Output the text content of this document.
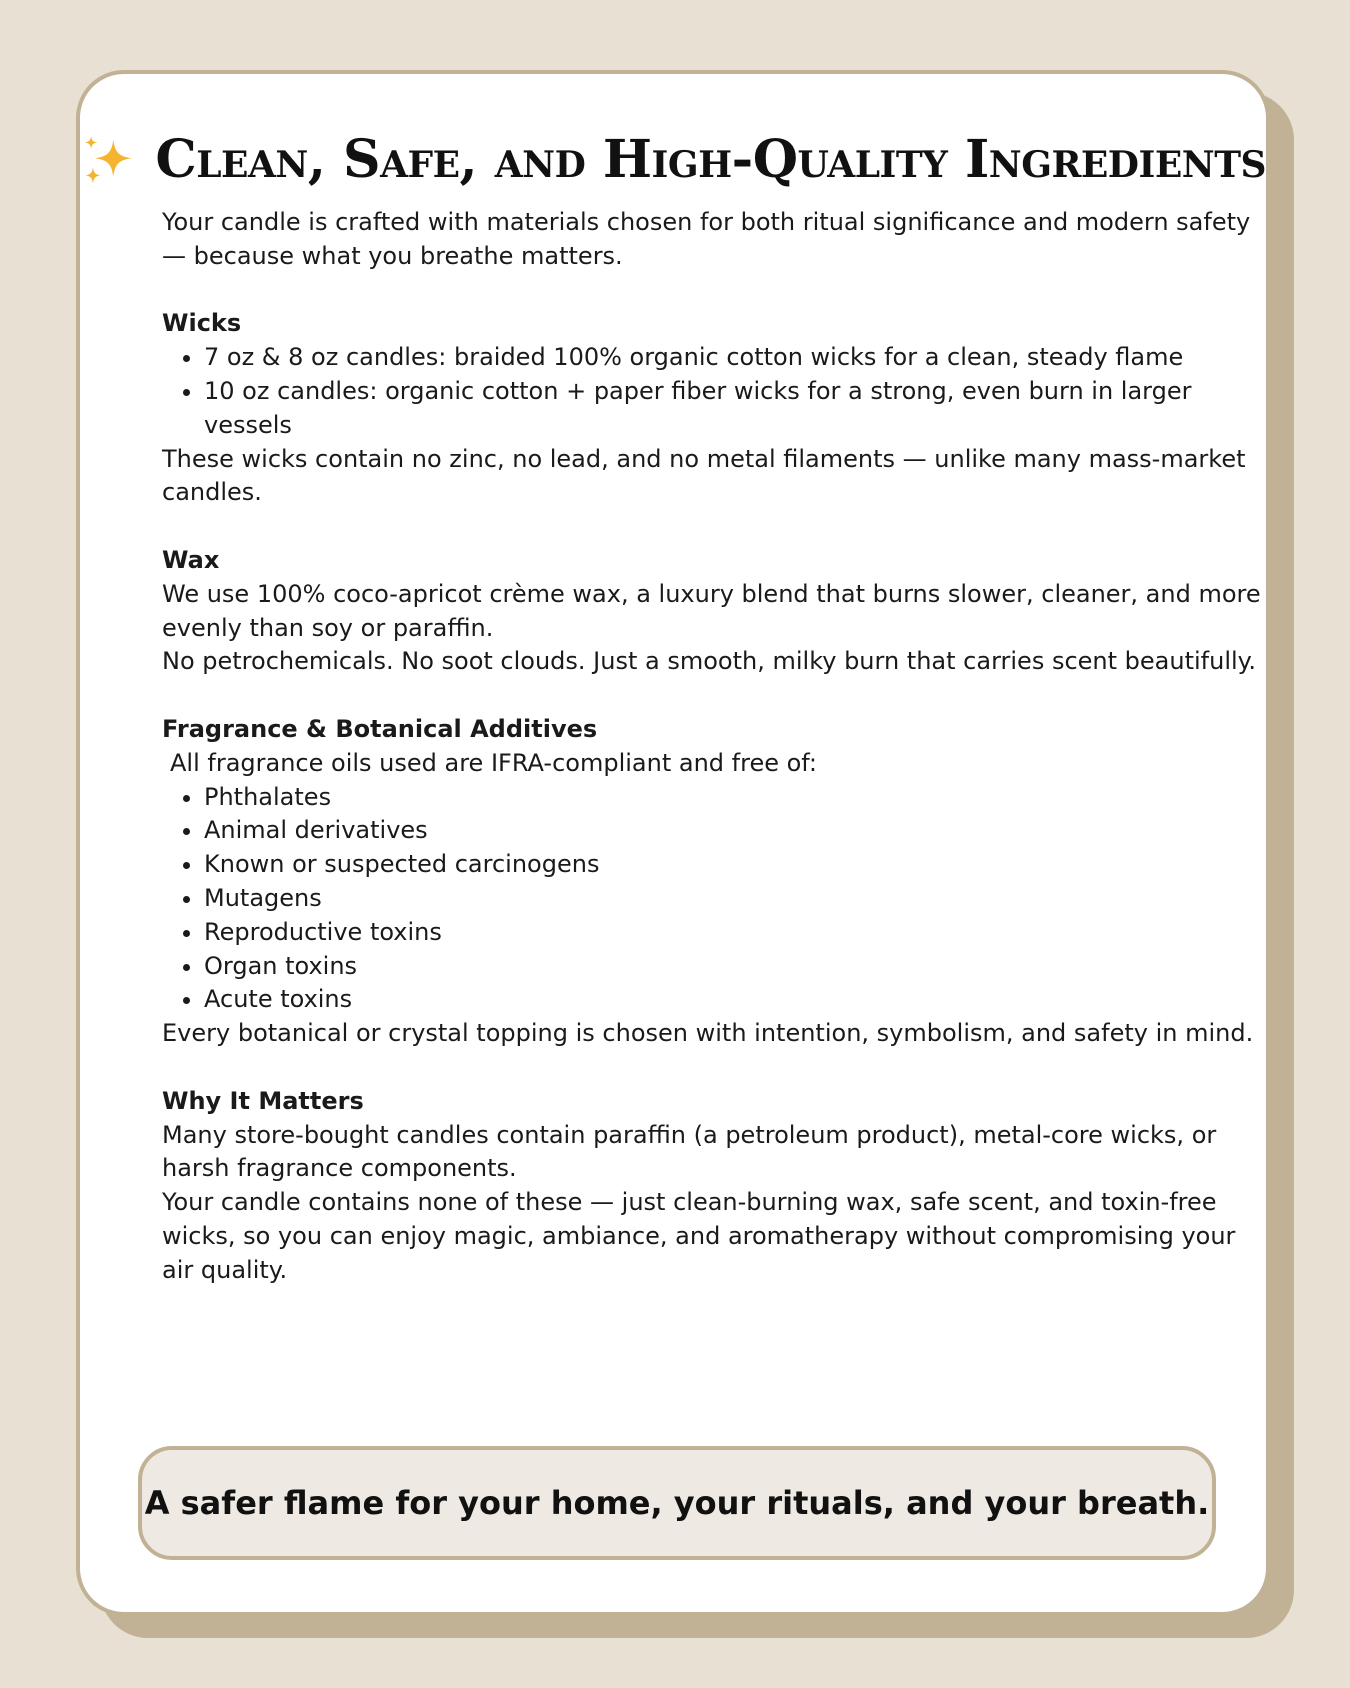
Clean, Safe, and High-Quality Ingredients

Your candle is crafted with materials chosen for both ritual significance and modern safety — because what you breathe matters.

Wicks

• 7 oz & 8 oz candles: braided 100% organic cotton wicks for a clean, steady flame
• 10 oz candles: organic cotton + paper fiber wicks for a strong, even burn in larger vessels

These wicks contain no zinc, no lead, and no metal filaments — unlike many mass-market candles.

Wax

We use 100% coco-apricot crème wax, a luxury blend that burns slower, cleaner, and more evenly than soy or paraffin.

No petrochemicals. No soot clouds. Just a smooth, milky burn that carries scent beautifully.

Fragrance & Botanical Additives

All fragrance oils used are IFRA-compliant and free of:

• Phthalates
• Animal derivatives
• Known or suspected carcinogens
• Mutagens
• Reproductive toxins
• Organ toxins
• Acute toxins

Every botanical or crystal topping is chosen with intention, symbolism, and safety in mind.

Why It Matters

Many store-bought candles contain paraffin (a petroleum product), metal-core wicks, or harsh fragrance components.

Your candle contains none of these — just clean-burning wax, safe scent, and toxin-free wicks, so you can enjoy magic, ambiance, and aromatherapy without compromising your air quality.

A safer flame for your home, your rituals, and your breath.
